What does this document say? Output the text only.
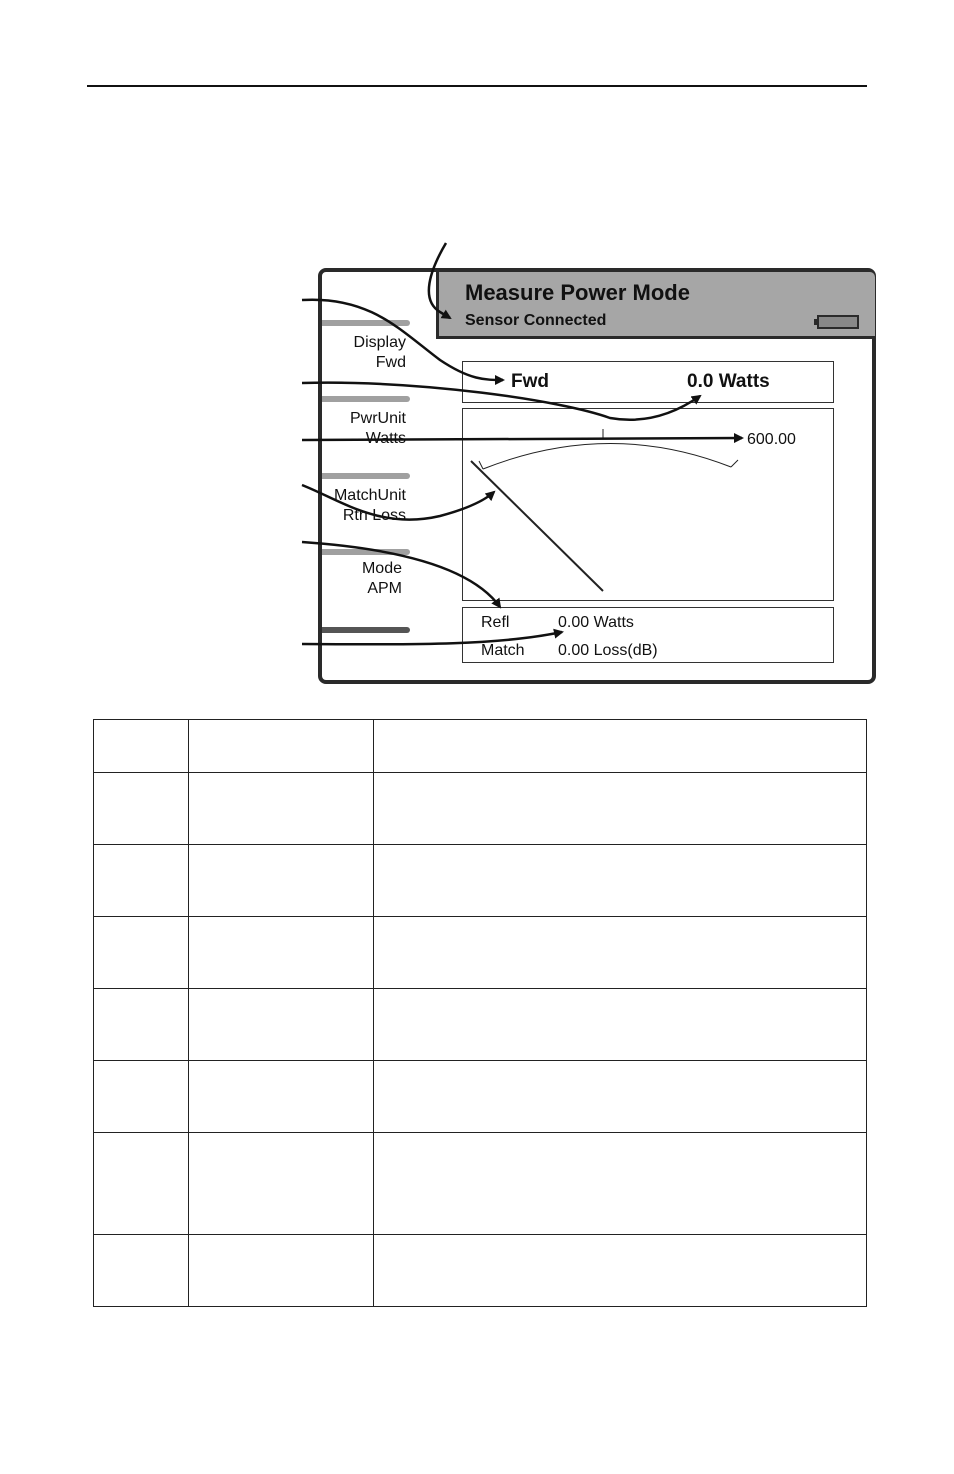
Measure Power Mode
Sensor Connected
Display
Fwd
PwrUnit
Watts
MatchUnit
Rtn Loss
Mode
APM
Fwd	0.0 Watts
600.00
Refl	0.00 Watts
Match 0.00 Loss(dB)
